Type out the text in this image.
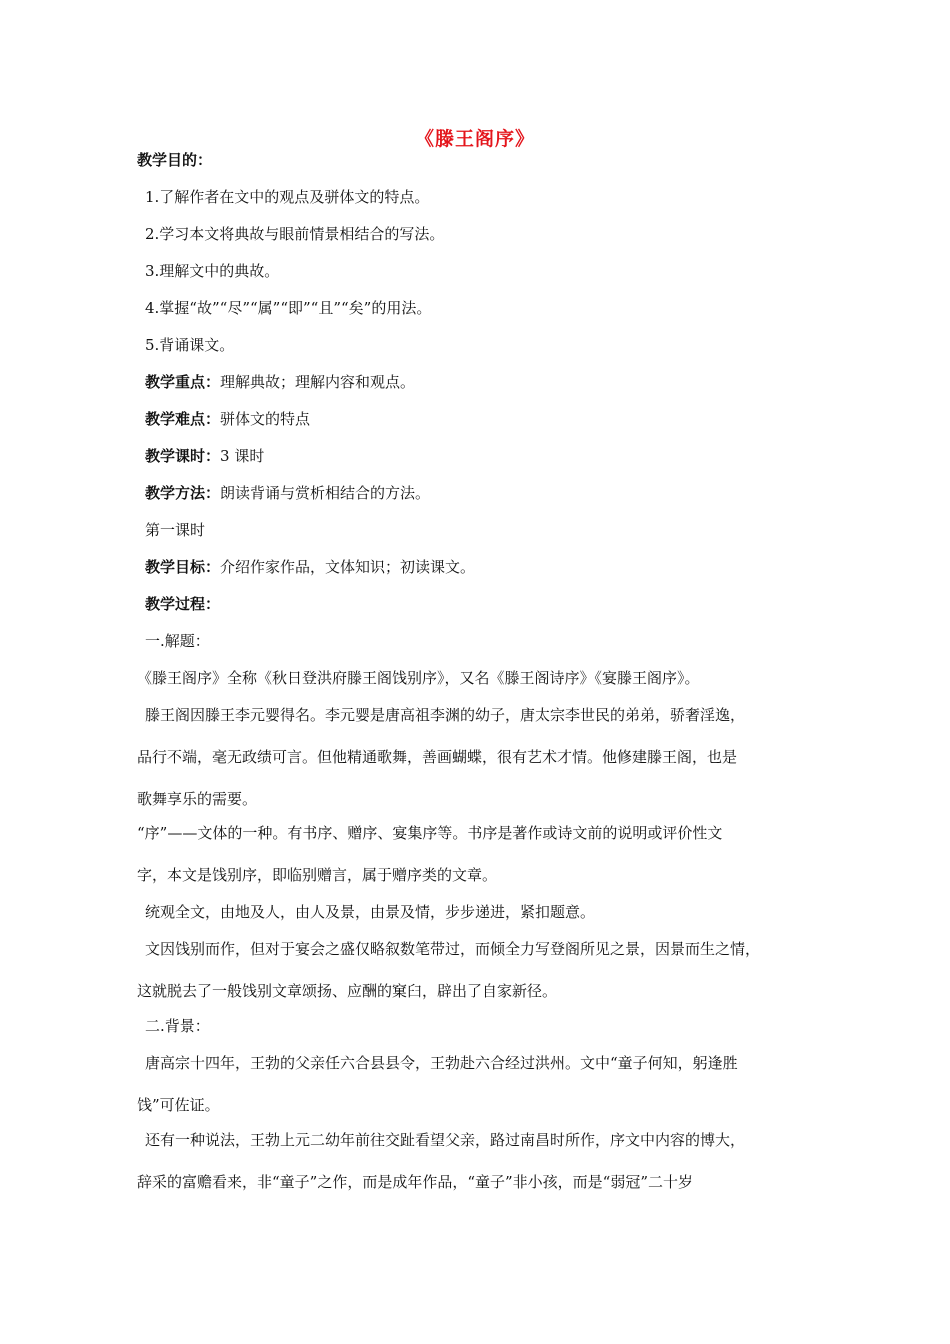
《滕王阁序》
教学目的：
1.了解作者在文中的观点及骈体文的特点。
2.学习本文将典故与眼前情景相结合的写法。
3.理解文中的典故。
4.掌握“故”“尽”“属”“即”“且”“矣”的用法。
5.背诵课文。
教学重点：理解典故；理解内容和观点。
教学难点：骈体文的特点
教学课时：3 课时
教学方法：朗读背诵与赏析相结合的方法。
第一课时
教学目标：介绍作家作品，文体知识；初读课文。
教学过程：
一.解题：
《滕王阁序》全称《秋日登洪府滕王阁饯别序》，又名《滕王阁诗序》《宴滕王阁序》。
滕王阁因滕王李元婴得名。李元婴是唐高祖李渊的幼子，唐太宗李世民的弟弟，骄奢淫逸，
品行不端，毫无政绩可言。但他精通歌舞，善画蝴蝶，很有艺术才情。他修建滕王阁，也是
歌舞享乐的需要。
“序”——文体的一种。有书序、赠序、宴集序等。书序是著作或诗文前的说明或评价性文
字，本文是饯别序，即临别赠言，属于赠序类的文章。
统观全文，由地及人，由人及景，由景及情，步步递进，紧扣题意。
文因饯别而作，但对于宴会之盛仅略叙数笔带过，而倾全力写登阁所见之景，因景而生之情，
这就脱去了一般饯别文章颂扬、应酬的窠臼，辟出了自家新径。
二.背景：
唐高宗十四年，王勃的父亲任六合县县令，王勃赴六合经过洪州。文中“童子何知，躬逢胜
饯”可佐证。
还有一种说法，王勃上元二幼年前往交趾看望父亲，路过南昌时所作，序文中内容的博大，
辞采的富赡看来，非“童子”之作，而是成年作品，“童子”非小孩，而是“弱冠”二十岁
